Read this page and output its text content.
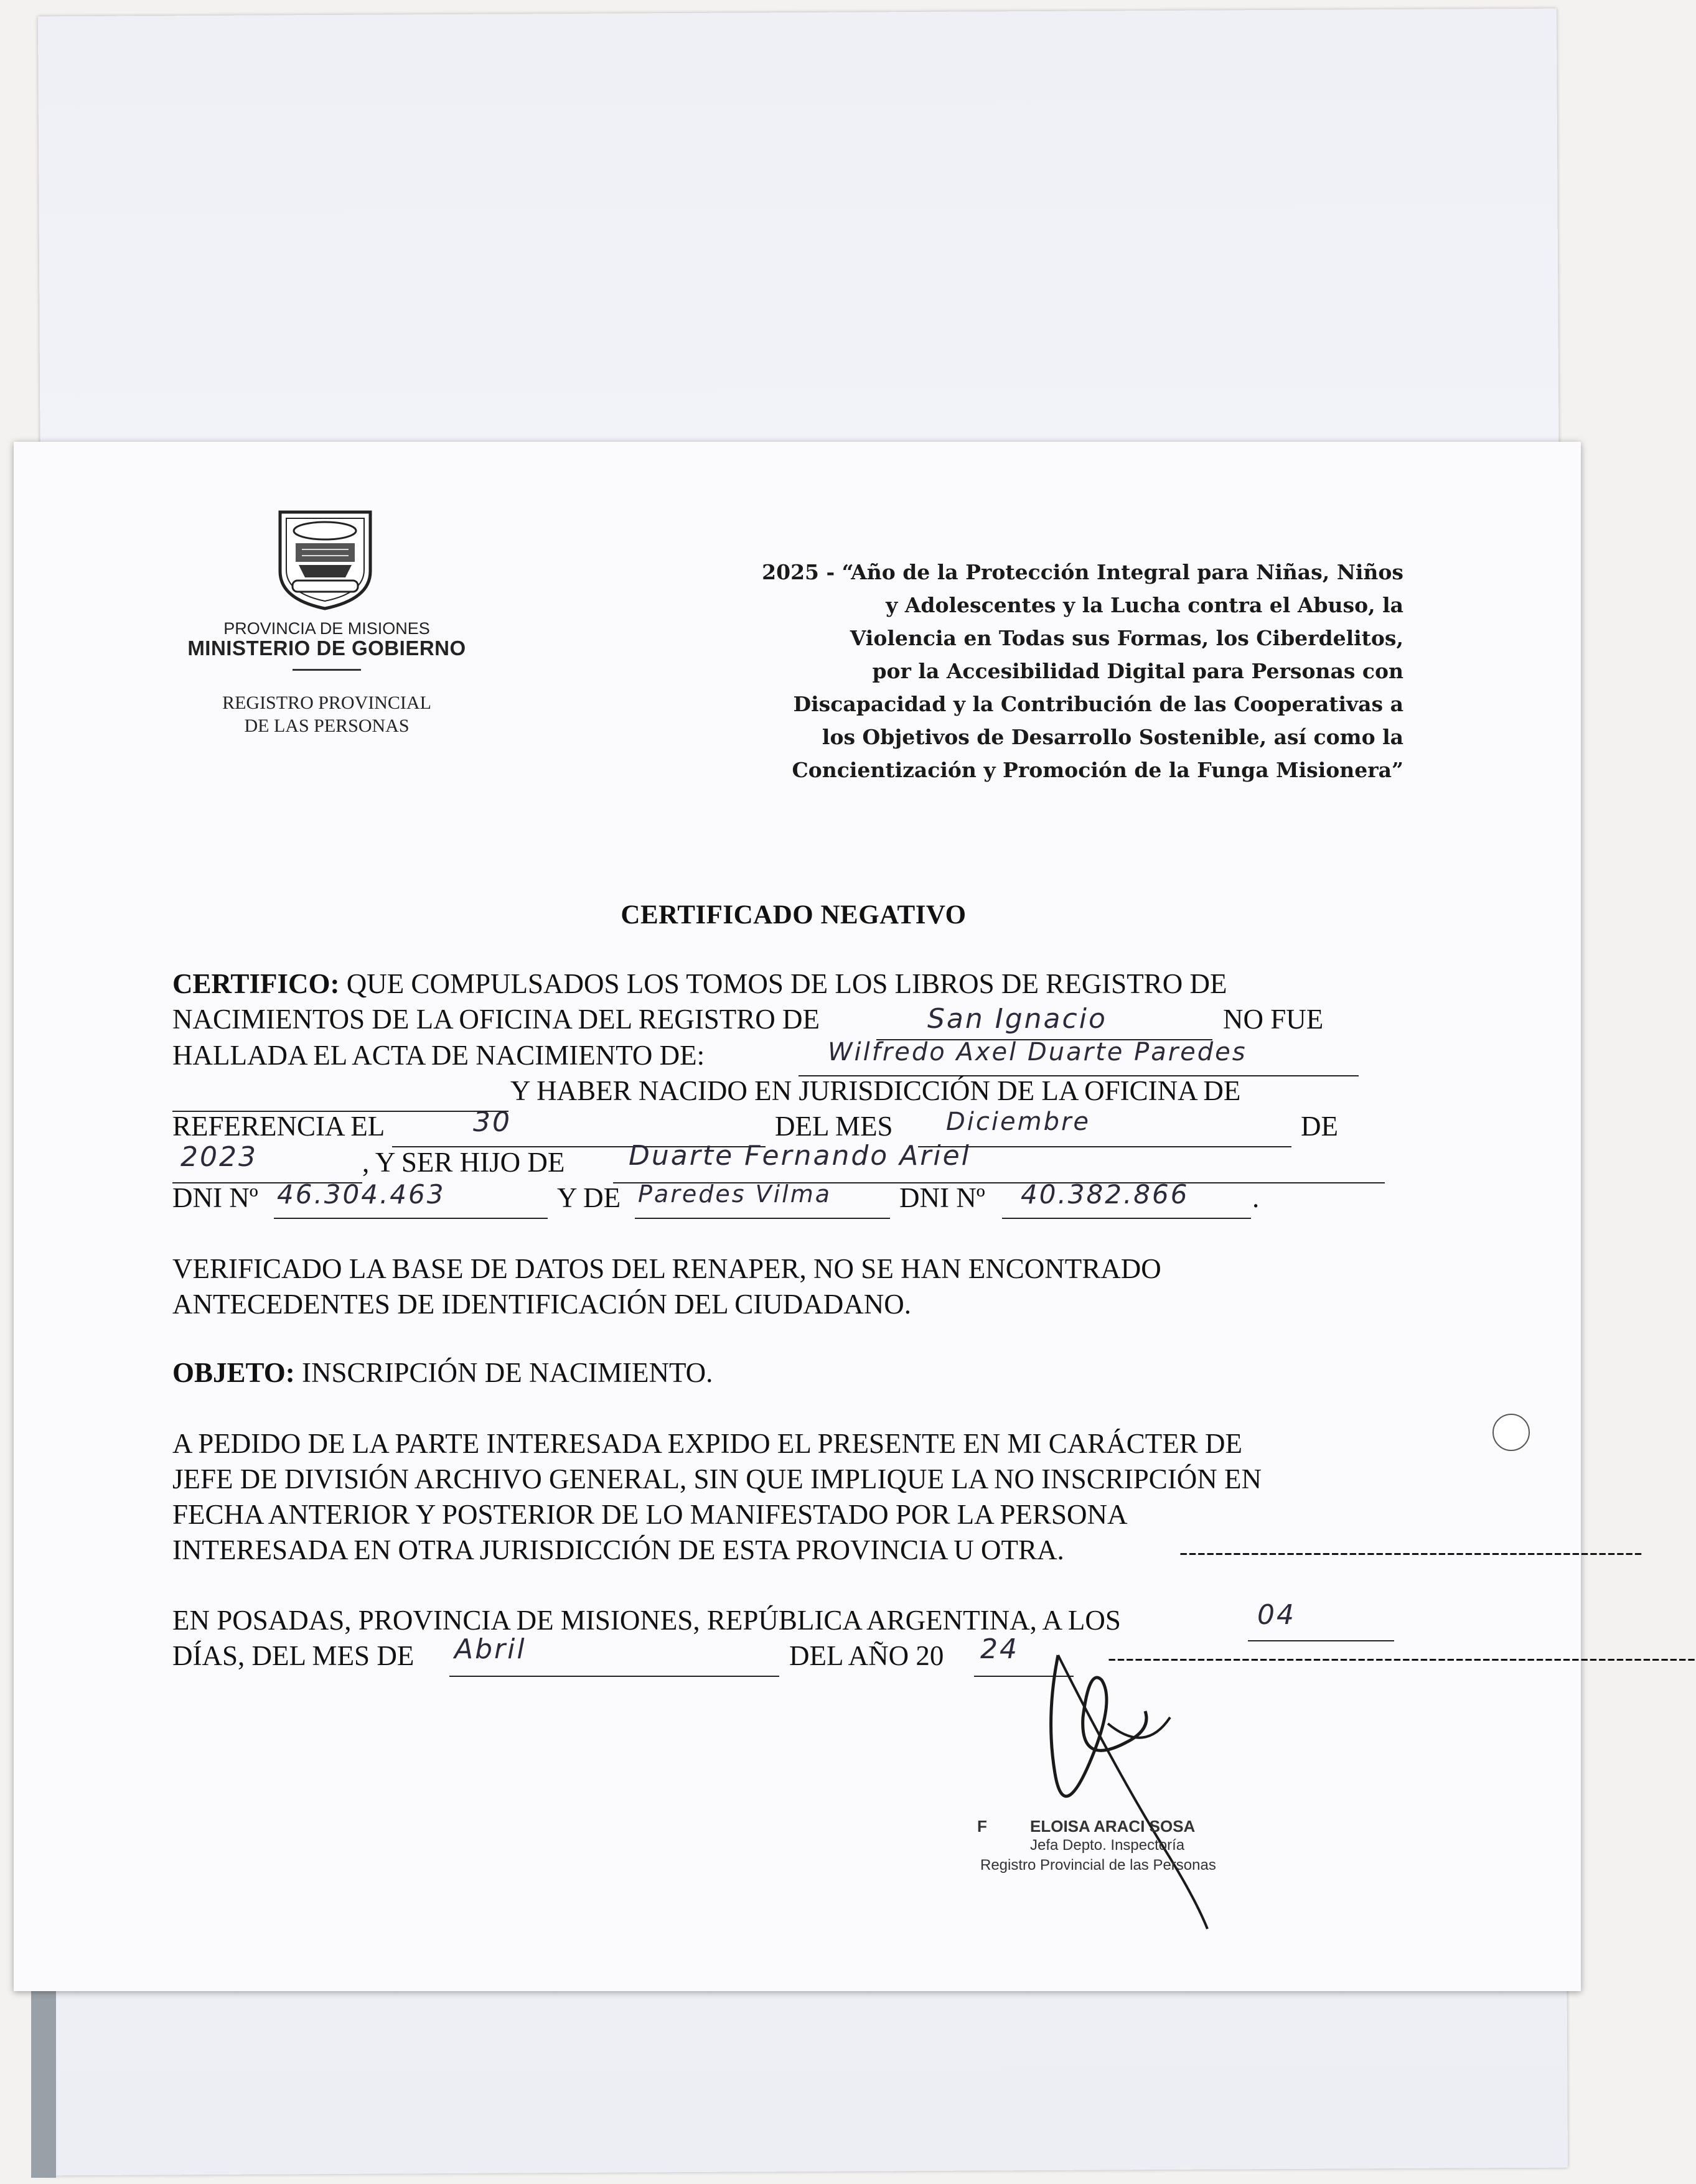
PROVINCIA DE MISIONES
MINISTERIO DE GOBIERNO
REGISTRO PROVINCIAL
DE LAS PERSONAS
2025 - “Año de la Protección Integral para Niñas, Niños
y Adolescentes y la Lucha contra el Abuso, la
Violencia en Todas sus Formas, los Ciberdelitos,
por la Accesibilidad Digital para Personas con
Discapacidad y la Contribución de las Cooperativas a
los Objetivos de Desarrollo Sostenible, así como la
Concientización y Promoción de la Funga Misionera”
CERTIFICADO NEGATIVO
CERTIFICO: QUE COMPULSADOS LOS TOMOS DE LOS LIBROS DE REGISTRO DE
NACIMIENTOS DE LA OFICINA DEL REGISTRO DE	San Ignacio	NO FUE
HALLADA EL ACTA DE NACIMIENTO DE:	Wilfredo Axel Duarte Paredes
Y HABER NACIDO EN JURISDICCIÓN DE LA OFICINA DE
REFERENCIA EL	30	DEL MES Diciembre	DE
2023	, Y SER HIJO DE Duarte Fernando Ariel
DNI Nº 46.304.463	Y DE Paredes Vilma DNI Nº 40.382.866 .
VERIFICADO LA BASE DE DATOS DEL RENAPER, NO SE HAN ENCONTRADO
ANTECEDENTES DE IDENTIFICACIÓN DEL CIUDADANO.
OBJETO: INSCRIPCIÓN DE NACIMIENTO.
A PEDIDO DE LA PARTE INTERESADA EXPIDO EL PRESENTE EN MI CARÁCTER DE
JEFE DE DIVISIÓN ARCHIVO GENERAL, SIN QUE IMPLIQUE LA NO INSCRIPCIÓN EN
FECHA ANTERIOR Y POSTERIOR DE LO MANIFESTADO POR LA PERSONA
INTERESADA EN OTRA JURISDICCIÓN DE ESTA PROVINCIA U OTRA.	----------------------------------------------------
EN POSADAS, PROVINCIA DE MISIONES, REPÚBLICA ARGENTINA, A LOS	04
DÍAS, DEL MES DE Abril	DEL AÑO 20 24	------------------------------------------------------------------
F	ELOISA ARACI SOSA
Jefa Depto. Inspectoría
Registro Provincial de las Personas
